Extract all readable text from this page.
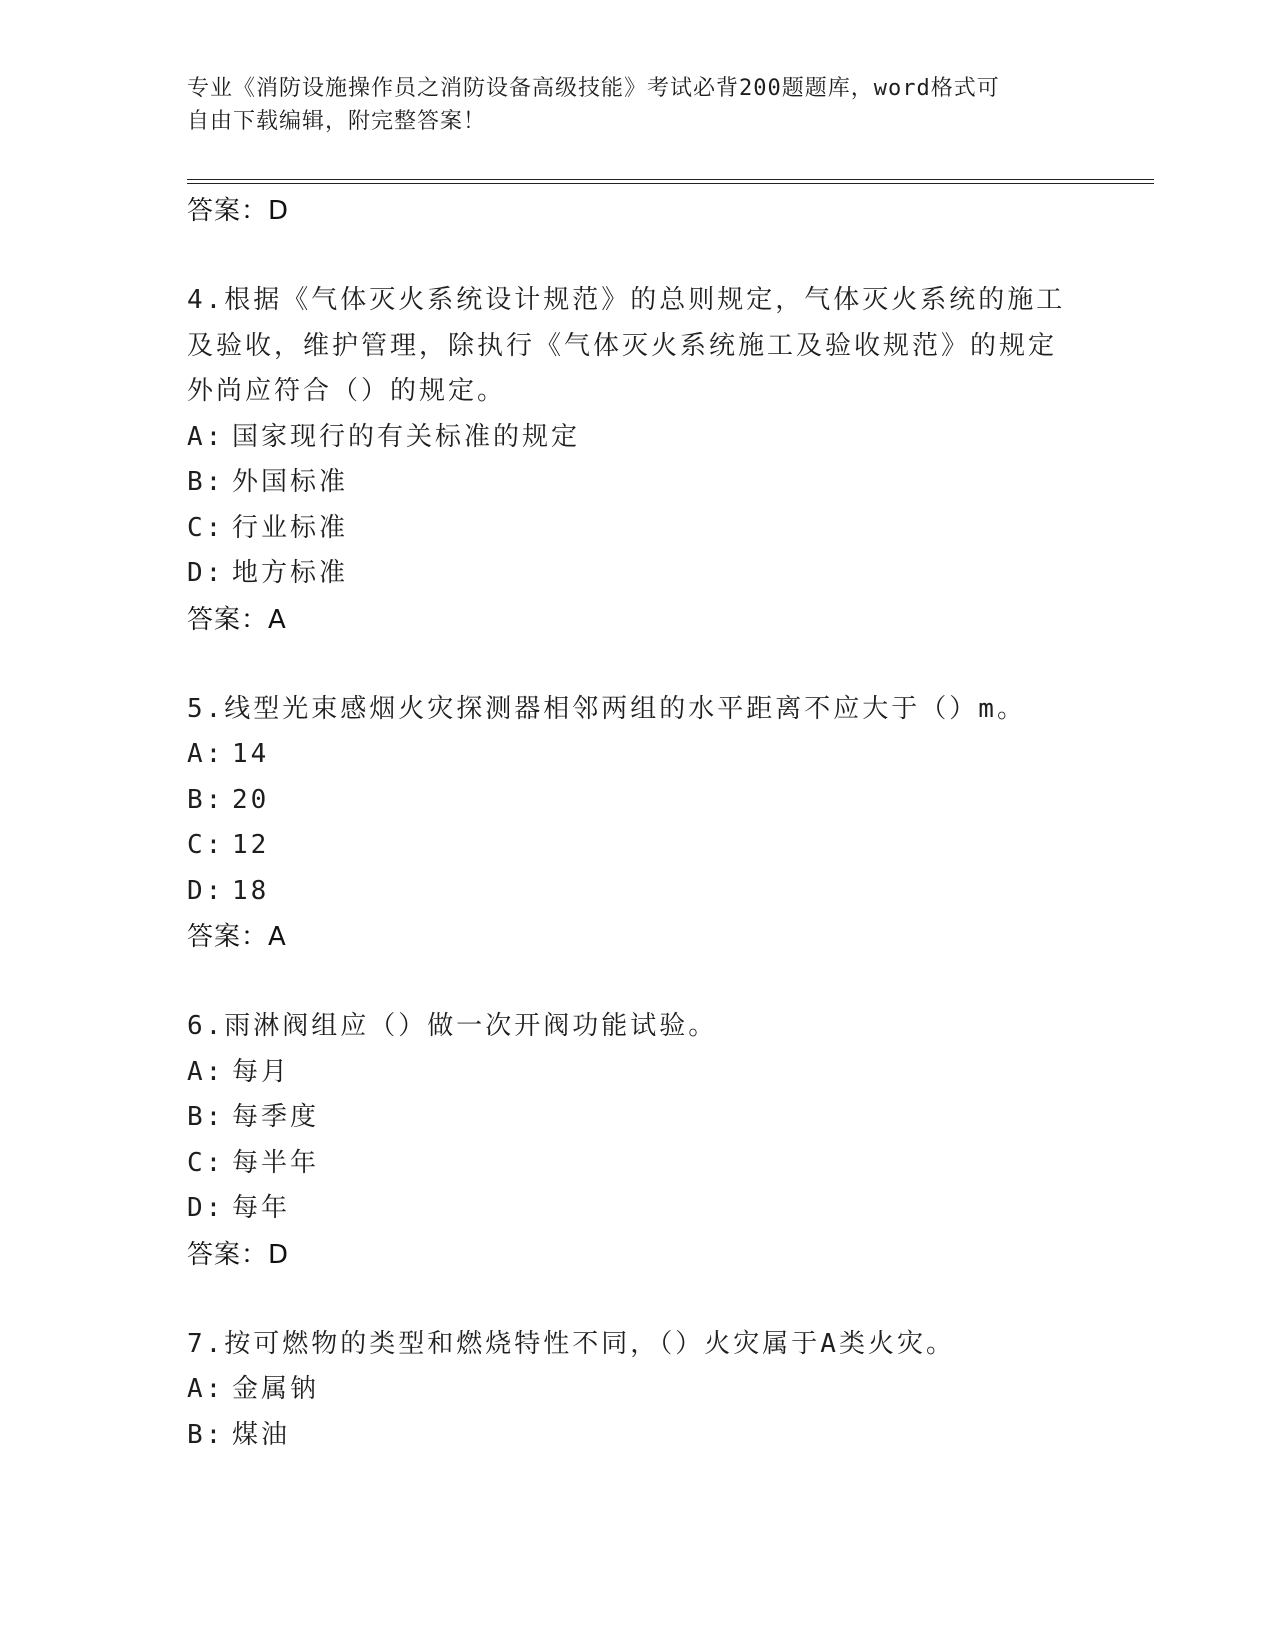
专业《消防设施操作员之消防设备高级技能》考试必背200题题库，word格式可
自由下载编辑，附完整答案！
答案：D
4.根据《气体灭火系统设计规范》的总则规定，气体灭火系统的施工及验收，维护管理，除执行《气体灭火系统施工及验收规范》的规定外尚应符合（）的规定。
A: 国家现行的有关标准的规定
B: 外国标准
C: 行业标准
D: 地方标准
答案：A
5.线型光束感烟火灾探测器相邻两组的水平距离不应大于（）m。
A: 14
B: 20
C: 12
D: 18
答案：A
6.雨淋阀组应（）做一次开阀功能试验。
A: 每月
B: 每季度
C: 每半年
D: 每年
答案：D
7.按可燃物的类型和燃烧特性不同，（）火灾属于A类火灾。
A: 金属钠
B: 煤油
